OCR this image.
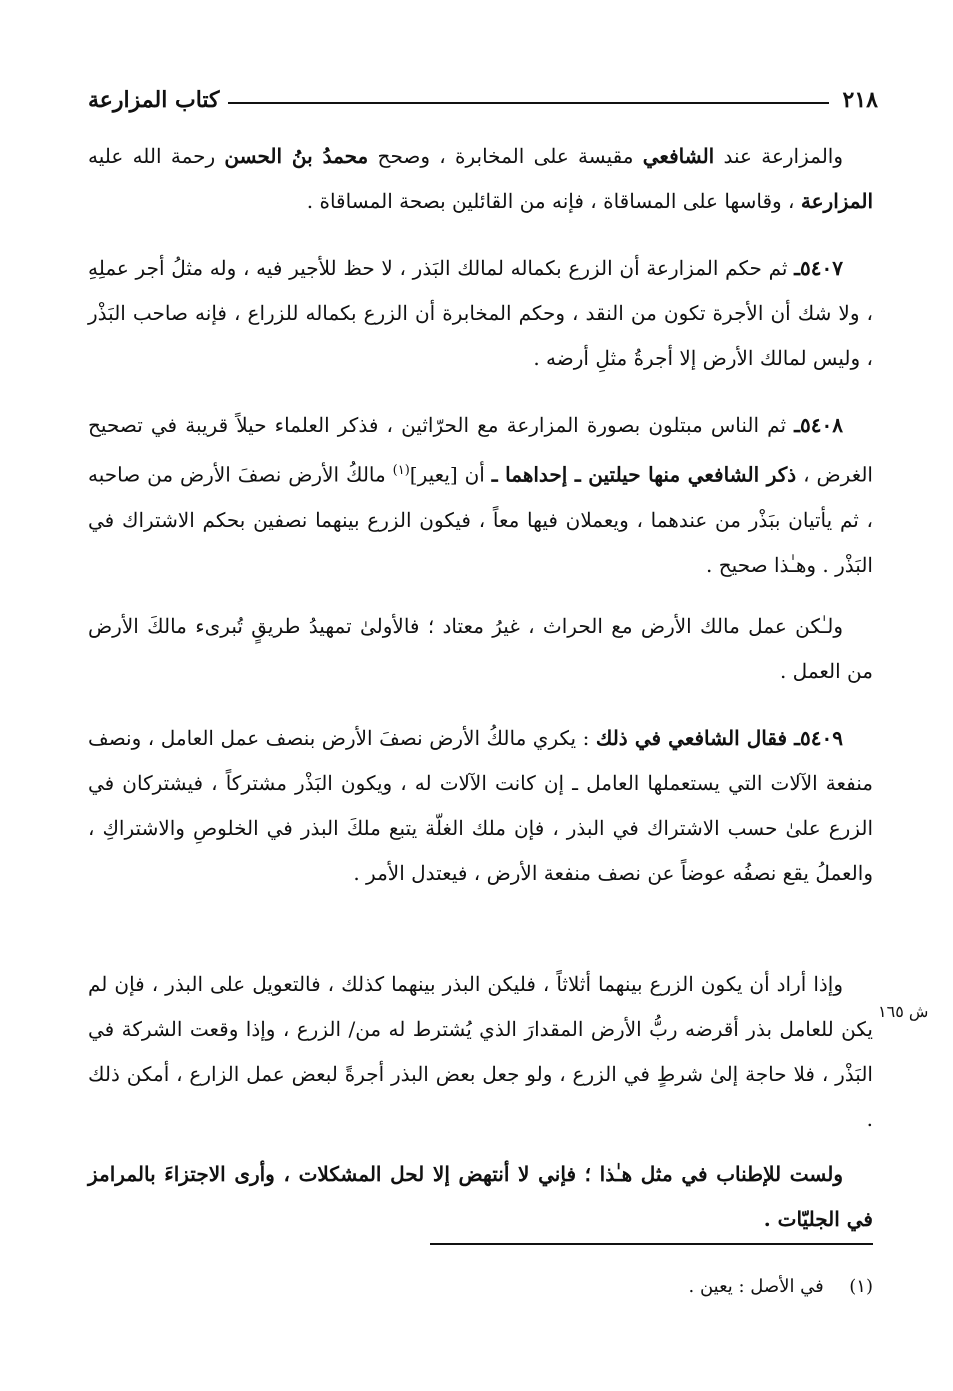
٢١٨
كتاب المزارعة

والمزارعة عند الشافعي مقيسة على المخابرة ، وصحح محمدُ بنُ الحسن رحمة الله عليه المزارعة ، وقاسها على المساقاة ، فإنه من القائلين بصحة المساقاة .

٥٤٠٧ـ ثم حكم المزارعة أن الزرع بكماله لمالك البَذر ، لا حظ للأجير فيه ، وله مثلُ أجر عملِهِ ، ولا شك أن الأجرة تكون من النقد ، وحكم المخابرة أن الزرع بكماله للزراع ، فإنه صاحب البَذْر ، وليس لمالك الأرض إلا أجرةُ مثلِ أرضه .

٥٤٠٨ـ ثم الناس مبتلون بصورة المزارعة مع الحرّاثين ، فذكر العلماء حيلاً قريبة في تصحيح الغرض ، ذكر الشافعي منها حيلتين ـ إحداهما ـ أن [يعير]$^{(١)}$ مالكُ الأرض نصفَ الأرض من صاحبه ، ثم يأتيان ببَذْر من عندهما ، ويعملان فيها معاً ، فيكون الزرع بينهما نصفين بحكم الاشتراك في البَذْر . وهـٰذا صحيح .

ولـٰكن عمل مالك الأرض مع الحراث ، غيرُ معتاد ؛ فالأولىٰ تمهيدُ طريقٍ تُبرىء مالكَ الأرض من العمل .

٥٤٠٩ـ فقال الشافعي في ذلك : يكري مالكُ الأرض نصفَ الأرض بنصف عمل العامل ، ونصف منفعة الآلات التي يستعملها العامل ـ إن كانت الآلات له ، ويكون البَذْر مشتركاً ، فيشتركان في الزرع علىٰ حسب الاشتراك في البذر ، فإن ملك الغلّة يتبع ملكَ البذر في الخلوصِ والاشتراكِ ، والعملُ يقع نصفُه عوضاً عن نصف منفعة الأرض ، فيعتدل الأمر .

وإذا أراد أن يكون الزرع بينهما أثلاثاً ، فليكن البذر بينهما كذلك ، فالتعويل على البذر ، فإن لم يكن للعامل بذر أقرضه ربُّ الأرض المقدارَ الذي يُشترط له من/ الزرع ، وإذا وقعت الشركة في البَذْر ، فلا حاجة إلىٰ شرطٍ في الزرع ، ولو جعل بعض البذر أجرةً لبعض عمل الزارع ، أمكن ذلك .

ش ١٦٥

ولست للإطناب في مثل هـٰذا ؛ فإني لا أنتهض إلا لحل المشكلات ، وأرى الاجتزاءَ بالمرامز في الجليّات .

(١)  في الأصل : يعين .
